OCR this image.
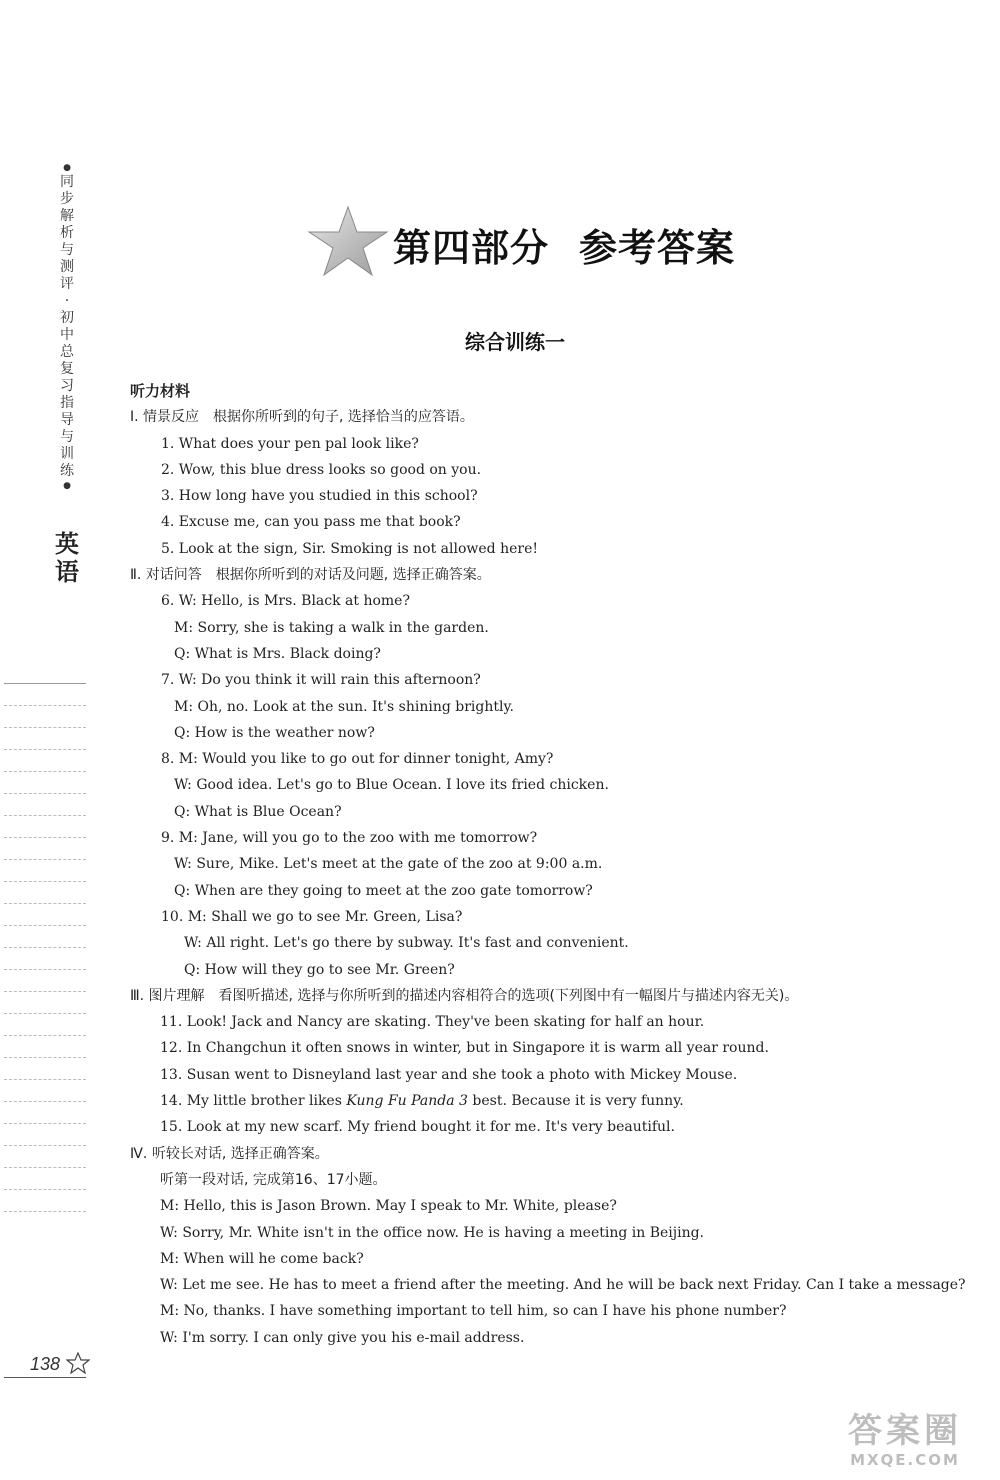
●
同
步
解
析
与
测
评
·
初
中
总
复
习
指
导
与
训
练
●
英
语
第四部分 参考答案
综合训练一
听力材料
Ⅰ. 情景反应　根据你所听到的句子, 选择恰当的应答语。
1. What does your pen pal look like?
2. Wow, this blue dress looks so good on you.
3. How long have you studied in this school?
4. Excuse me, can you pass me that book?
5. Look at the sign, Sir. Smoking is not allowed here!
Ⅱ. 对话问答　根据你所听到的对话及问题, 选择正确答案。
6. W: Hello, is Mrs. Black at home?
M: Sorry, she is taking a walk in the garden.
Q: What is Mrs. Black doing?
7. W: Do you think it will rain this afternoon?
M: Oh, no. Look at the sun. It's shining brightly.
Q: How is the weather now?
8. M: Would you like to go out for dinner tonight, Amy?
W: Good idea. Let's go to Blue Ocean. I love its fried chicken.
Q: What is Blue Ocean?
9. M: Jane, will you go to the zoo with me tomorrow?
W: Sure, Mike. Let's meet at the gate of the zoo at 9:00 a.m.
Q: When are they going to meet at the zoo gate tomorrow?
10. M: Shall we go to see Mr. Green, Lisa?
W: All right. Let's go there by subway. It's fast and convenient.
Q: How will they go to see Mr. Green?
Ⅲ. 图片理解　看图听描述, 选择与你所听到的描述内容相符合的选项(下列图中有一幅图片与描述内容无关)。
11. Look! Jack and Nancy are skating. They've been skating for half an hour.
12. In Changchun it often snows in winter, but in Singapore it is warm all year round.
13. Susan went to Disneyland last year and she took a photo with Mickey Mouse.
14. My little brother likes Kung Fu Panda 3 best. Because it is very funny.
15. Look at my new scarf. My friend bought it for me. It's very beautiful.
Ⅳ. 听较长对话, 选择正确答案。
听第一段对话, 完成第16、17小题。
M: Hello, this is Jason Brown. May I speak to Mr. White, please?
W: Sorry, Mr. White isn't in the office now. He is having a meeting in Beijing.
M: When will he come back?
W: Let me see. He has to meet a friend after the meeting. And he will be back next Friday. Can I take a message?
M: No, thanks. I have something important to tell him, so can I have his phone number?
W: I'm sorry. I can only give you his e-mail address.
138
答案圈
MXQE.COM
